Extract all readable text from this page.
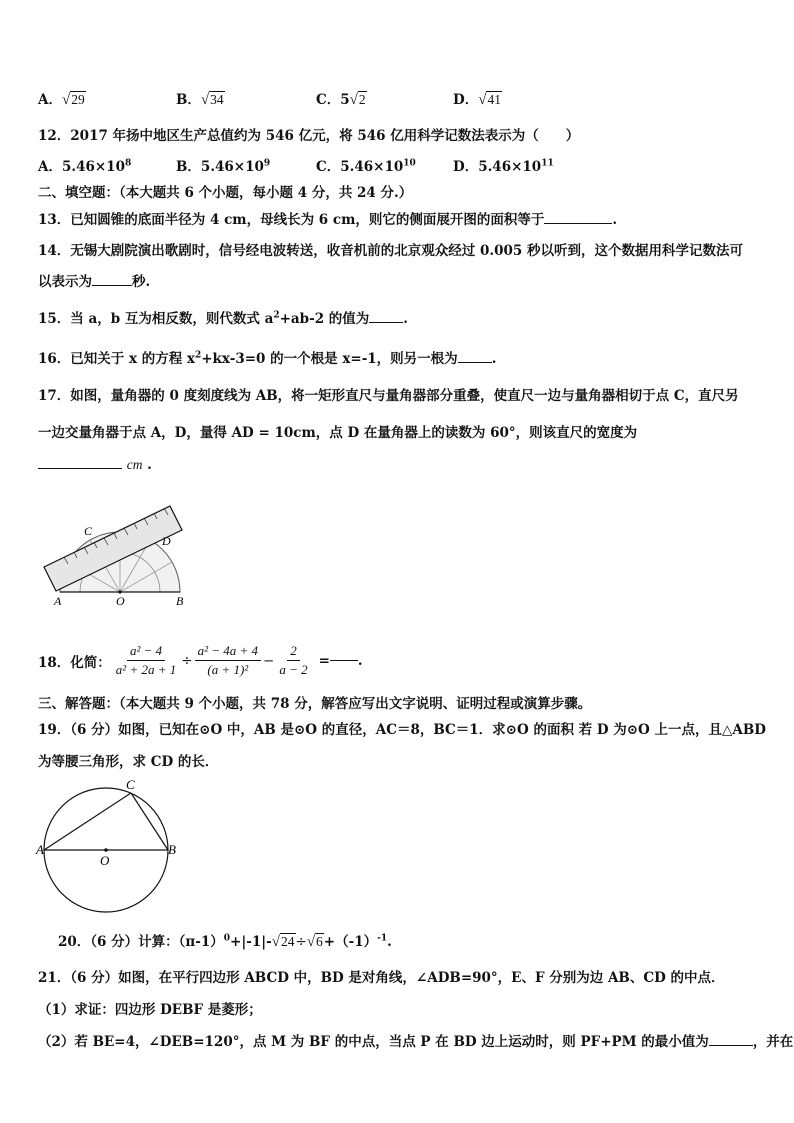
A．√29	B．√34	C．5√2	D．√41
12．2017 年扬中地区生产总值约为 546 亿元，将 546 亿用科学记数法表示为（　　）
A．$5.46\times 10^8$	B．$5.46\times 10^9$	C．$5.46\times 10^{10}$	D．$5.46\times 10^{11}$
二、填空题：（本大题共 6 个小题，每小题 4 分，共 24 分.）
13．已知圆锥的底面半径为 4 cm，母线长为 6 cm，则它的侧面展开图的面积等于	.
14．无锡大剧院演出歌剧时，信号经电波转送，收音机前的北京观众经过 0.005 秒以听到，这个数据用科学记数法可
以表示为	秒.
15．当 a，b 互为相反数，则代数式 $a^2+ab-2$ 的值为	.
16．已知关于 x 的方程 $x^2+kx-3=0$ 的一个根是 x=-1，则另一根为	.
17．如图，量角器的 0 度刻度线为 AB，将一矩形直尺与量角器部分重叠，使直尺一边与量角器相切于点 C，直尺另
一边交量角器于点 A，D，量得 AD = 10cm，点 D 在量角器上的读数为 60°，则该直尺的宽度为
cm .
A	O	B
C
D
18．化简： $\frac{\text{a² − 4}}{\text{a² + 2a + 1}} \div \frac{\text{a² − 4a + 4}}{\text{(a + 1)²}} - \frac{2}{a - 2}$ = .
三、解答题：（本大题共 9 个小题，共 78 分，解答应写出文字说明、证明过程或演算步骤。
19．（6 分）如图，已知在⊙O 中，AB 是⊙O 的直径，AC＝8，BC＝1．求⊙O 的面积 若 D 为⊙O 上一点，且△ABD
为等腰三角形，求 CD 的长．
A	B
C
O
20．（6 分）计算：$(\pi-1)^0+|-1|-√24\div√6+(-1)^{-1}$.
21．（6 分）如图，在平行四边形 ABCD 中，BD 是对角线，∠ADB=90°，E、F 分别为边 AB、CD 的中点．
（1）求证：四边形 DEBF 是菱形；
（2）若 BE=4，∠DEB=120°，点 M 为 BF 的中点，当点 P 在 BD 边上运动时，则 PF+PM 的最小值为	，并在
